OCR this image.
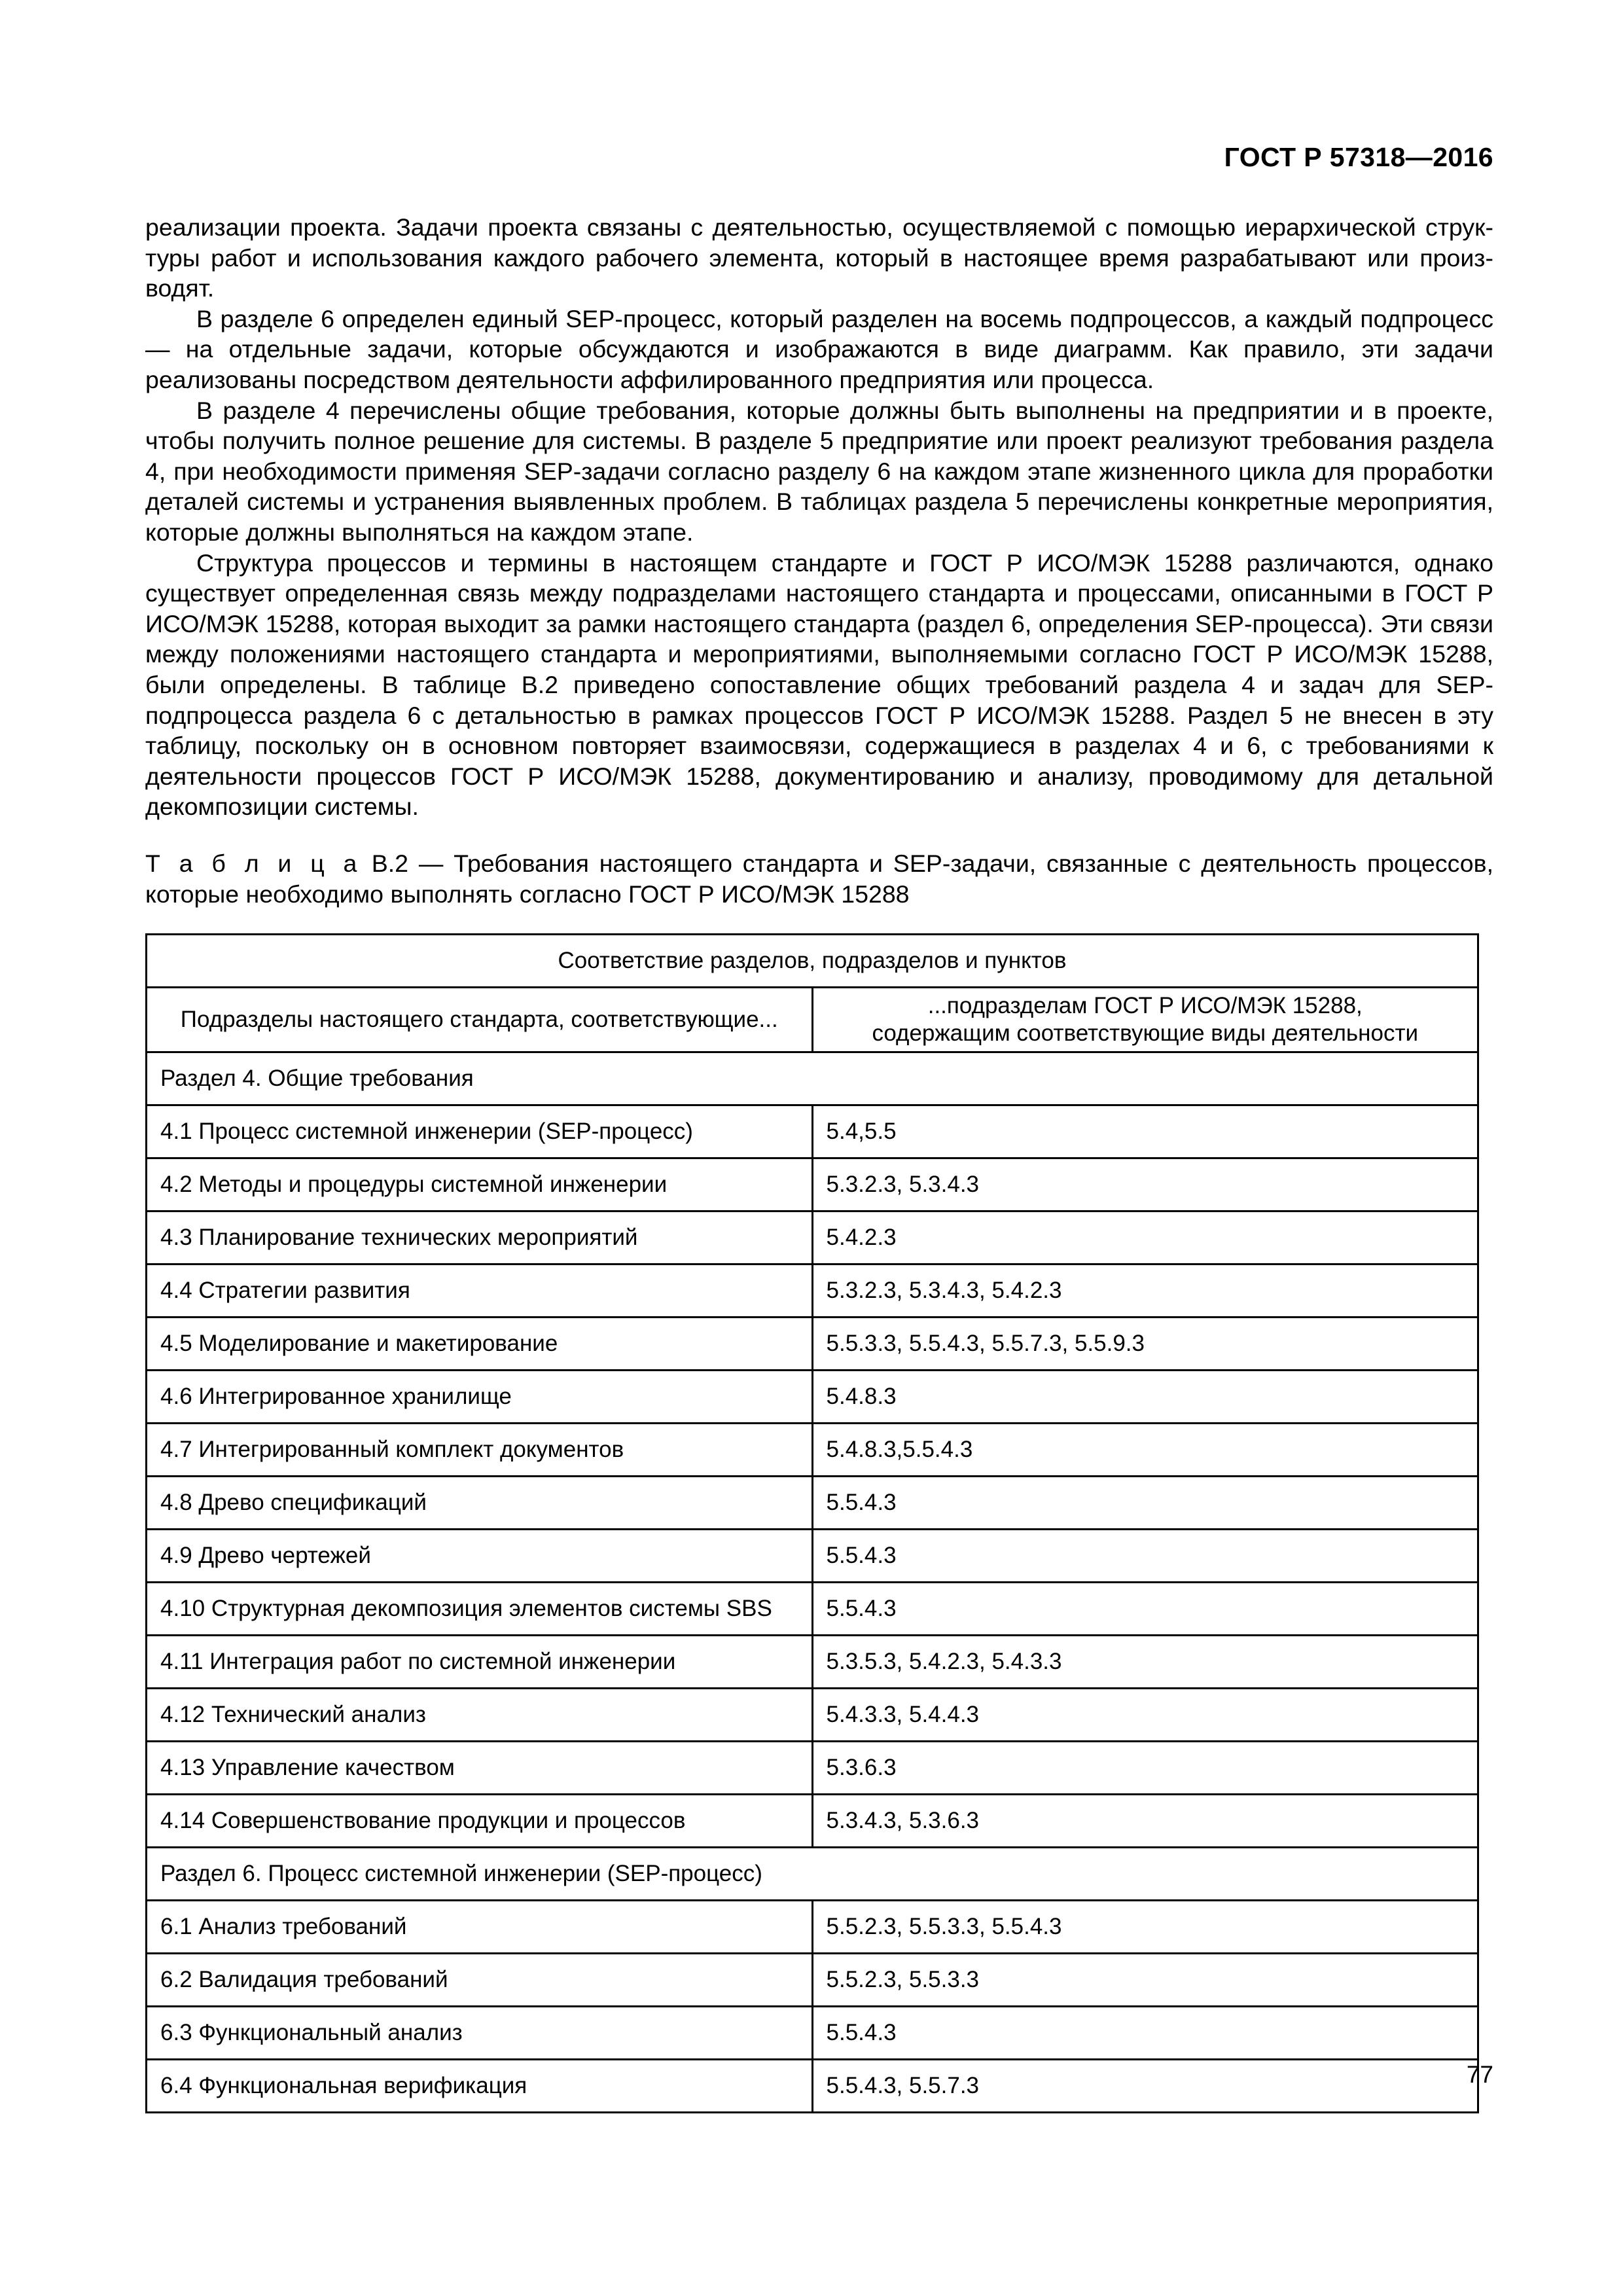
ГОСТ Р 57318—2016

реализации проекта. Задачи проекта связаны с деятельностью, осуществляемой с помощью иерархической структуры работ и использования каждого рабочего элемента, который в настоящее время разрабатывают или производят.

В разделе 6 определен единый SEP-процесс, который разделен на восемь подпроцессов, а каждый подпроцесс — на отдельные задачи, которые обсуждаются и изображаются в виде диаграмм. Как правило, эти задачи реализованы посредством деятельности аффилированного предприятия или процесса.

В разделе 4 перечислены общие требования, которые должны быть выполнены на предприятии и в проекте, чтобы получить полное решение для системы. В разделе 5 предприятие или проект реализуют требования раздела 4, при необходимости применяя SEP-задачи согласно разделу 6 на каждом этапе жизненного цикла для проработки деталей системы и устранения выявленных проблем. В таблицах раздела 5 перечислены конкретные мероприятия, которые должны выполняться на каждом этапе.

Структура процессов и термины в настоящем стандарте и ГОСТ Р ИСО/МЭК 15288 различаются, однако существует определенная связь между подразделами настоящего стандарта и процессами, описанными в ГОСТ Р ИСО/МЭК 15288, которая выходит за рамки настоящего стандарта (раздел 6, определения SEP-процесса). Эти связи между положениями настоящего стандарта и мероприятиями, выполняемыми согласно ГОСТ Р ИСО/МЭК 15288, были определены. В таблице В.2 приведено сопоставление общих требований раздела 4 и задач для SEP-подпроцесса раздела 6 с детальностью в рамках процессов ГОСТ Р ИСО/МЭК 15288. Раздел 5 не внесен в эту таблицу, поскольку он в основном повторяет взаимосвязи, содержащиеся в разделах 4 и 6, с требованиями к деятельности процессов ГОСТ Р ИСО/МЭК 15288, документированию и анализу, проводимому для детальной декомпозиции системы.

Т а б л и ц а В.2 — Требования настоящего стандарта и SEP-задачи, связанные с деятельность процессов, которые необходимо выполнять согласно ГОСТ Р ИСО/МЭК 15288
Соответствие разделов, подразделов и пунктов	
Подразделы настоящего стандарта, соответствующие...	...подразделам ГОСТ Р ИСО/МЭК 15288,
содержащим соответствующие виды деятельности
Раздел 4. Общие требования	
4.1 Процесс системной инженерии (SEP-процесс)	5.4,5.5
4.2 Методы и процедуры системной инженерии	5.3.2.3, 5.3.4.3
4.3 Планирование технических мероприятий	5.4.2.3
4.4 Стратегии развития	5.3.2.3, 5.3.4.3, 5.4.2.3
4.5 Моделирование и макетирование	5.5.3.3, 5.5.4.3, 5.5.7.3, 5.5.9.3
4.6 Интегрированное хранилище	5.4.8.3
4.7 Интегрированный комплект документов	5.4.8.3,5.5.4.3
4.8 Древо спецификаций	5.5.4.3
4.9 Древо чертежей	5.5.4.3
4.10 Структурная декомпозиция элементов системы SBS	5.5.4.3
4.11 Интеграция работ по системной инженерии	5.3.5.3, 5.4.2.3, 5.4.3.3
4.12 Технический анализ	5.4.3.3, 5.4.4.3
4.13 Управление качеством	5.3.6.3
4.14 Совершенствование продукции и процессов	5.3.4.3, 5.3.6.3
Раздел 6. Процесс системной инженерии (SEP-процесс)	
6.1 Анализ требований	5.5.2.3, 5.5.3.3, 5.5.4.3
6.2 Валидация требований	5.5.2.3, 5.5.3.3
6.3 Функциональный анализ	5.5.4.3
6.4 Функциональная верификация	5.5.4.3, 5.5.7.3	77
